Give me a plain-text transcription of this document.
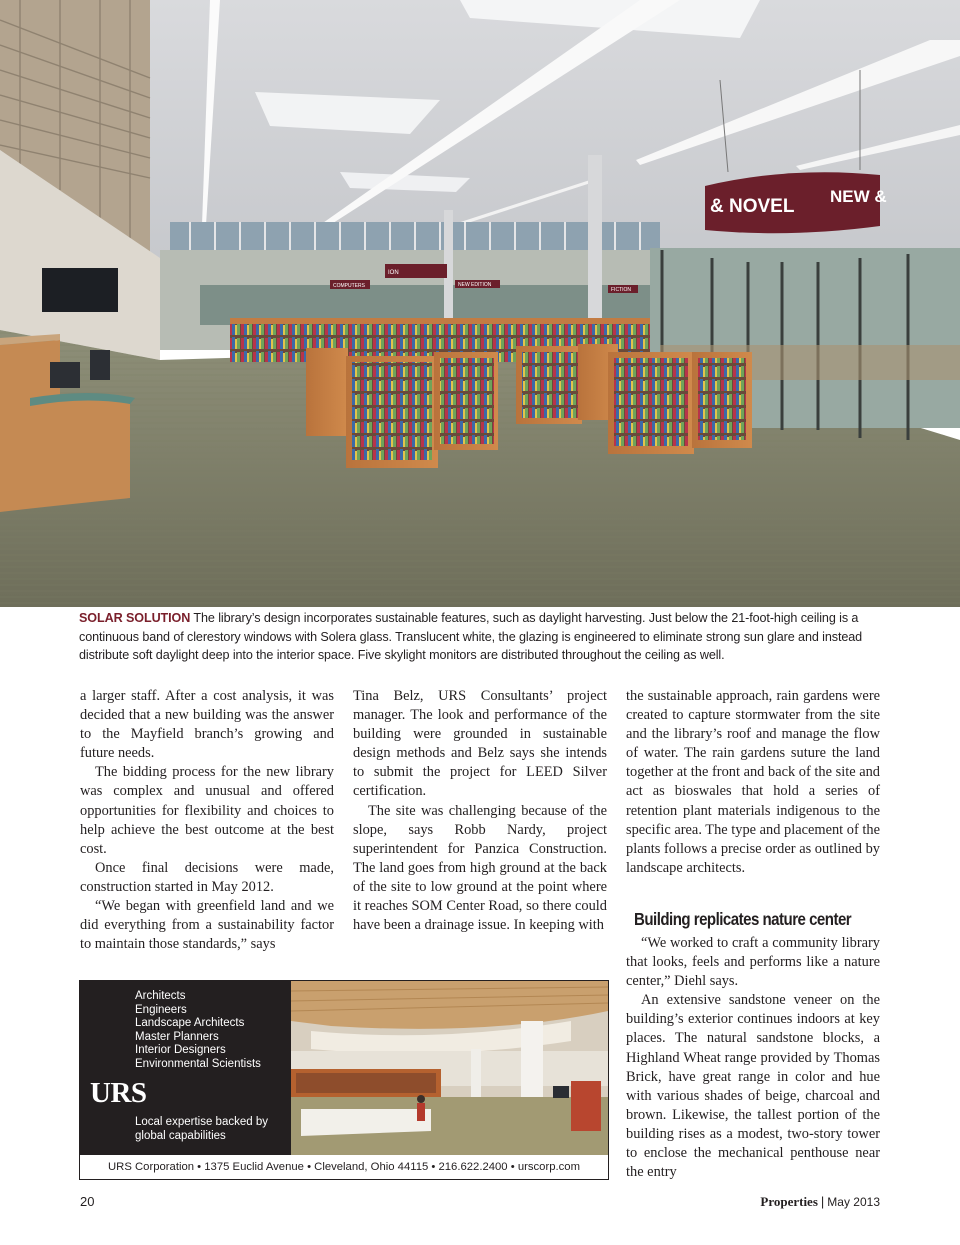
& NOVEL NEW &
COMPUTERS
FICTION
ION
NEW EDITION
SOLAR SOLUTION The library’s design incorporates sustainable features, such as daylight harvesting. Just below the 21-foot-high ceiling is a continuous band of clerestory windows with Solera glass. Translucent white, the glazing is engineered to eliminate strong sun glare and instead distribute soft daylight deep into the interior space. Five skylight monitors are distributed throughout the ceiling as well.

a larger staff. After a cost analysis, it was decided that a new building was the answer to the Mayfield branch’s growing and future needs.

The bidding process for the new library was complex and unusual and offered opportunities for flexibility and choices to help achieve the best outcome at the best cost.

Once final decisions were made, construction started in May 2012.

“We began with greenfield land and we did everything from a sustainability factor to maintain those standards,” says

Tina Belz, URS Consultants’ project manager. The look and performance of the building were grounded in sustainable design methods and Belz says she intends to submit the project for LEED Silver certification.

The site was challenging because of the slope, says Robb Nardy, project superintendent for Panzica Construction. The land goes from high ground at the back of the site to low ground at the point where it reaches SOM Center Road, so there could have been a drainage issue. In keeping with

the sustainable approach, rain gardens were created to capture stormwater from the site and the library’s roof and manage the flow of water. The rain gardens suture the land together at the front and back of the site and act as bioswales that hold a series of retention plant materials indigenous to the specific area. The type and placement of the plants follows a precise order as outlined by landscape architects.

Building replicates nature center

“We worked to craft a community library that looks, feels and performs like a nature center,” Diehl says.

An extensive sandstone veneer on the building’s exterior continues indoors at key places. The natural sandstone blocks, a Highland Wheat range provided by Thomas Brick, have great range in color and hue with various shades of beige, charcoal and brown. Likewise, the tallest portion of the building rises as a modest, two-story tower to enclose the mechanical penthouse near the entry

Architects
Engineers
Landscape Architects
Master Planners
Interior Designers
Environmental Scientists
URS
Local expertise backed by global capabilities
URS Corporation • 1375 Euclid Avenue • Cleveland, Ohio 44115 • 216.622.2400 • urscorp.com
20	Properties | May 2013
